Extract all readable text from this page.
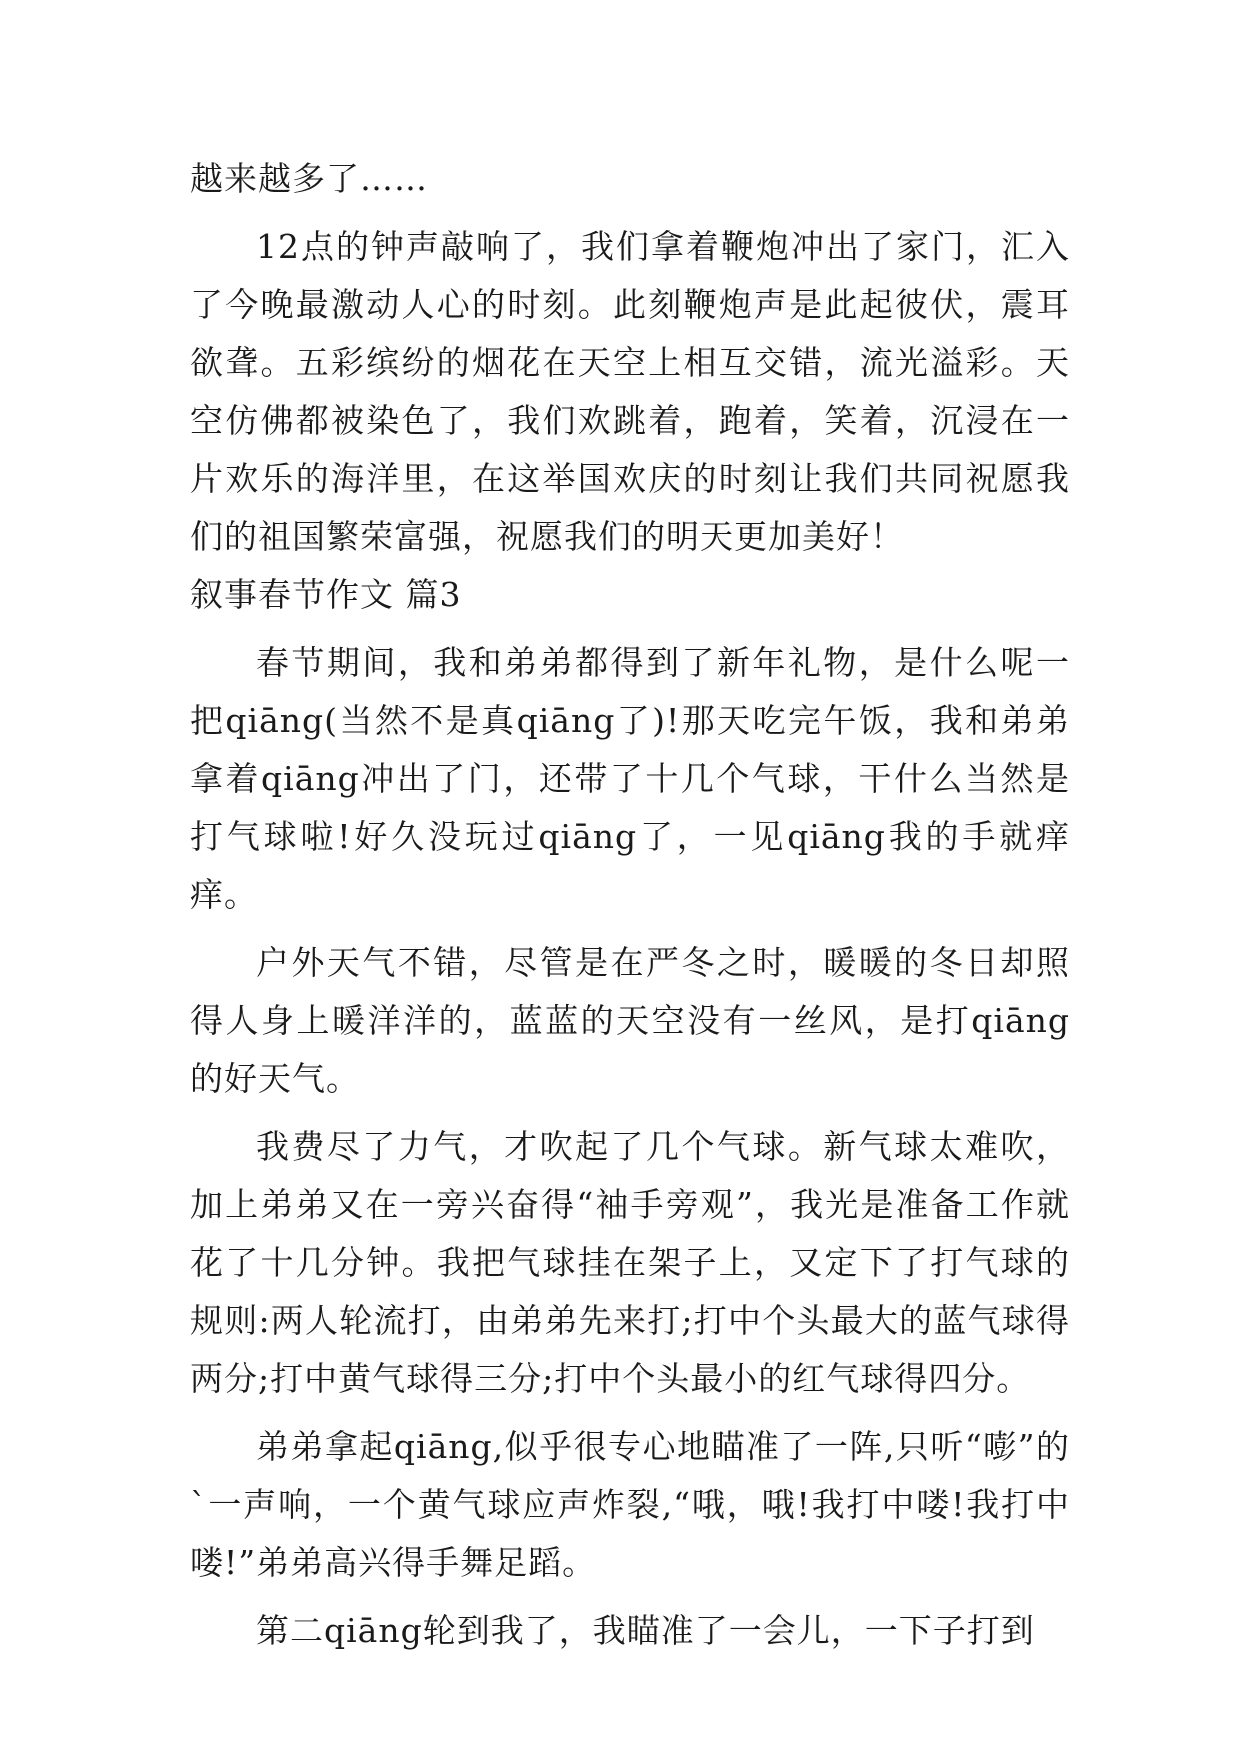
越来越多了……

12点的钟声敲响了，我们拿着鞭炮冲出了家门，汇入了今晚最激动人心的时刻。此刻鞭炮声是此起彼伏，震耳欲聋。五彩缤纷的烟花在天空上相互交错，流光溢彩。天空仿佛都被染色了，我们欢跳着，跑着，笑着，沉浸在一片欢乐的海洋里，在这举国欢庆的时刻让我们共同祝愿我们的祖国繁荣富强，祝愿我们的明天更加美好！

叙事春节作文 篇3

春节期间，我和弟弟都得到了新年礼物，是什么呢一把qiāng(当然不是真qiāng了)!那天吃完午饭，我和弟弟拿着qiāng冲出了门，还带了十几个气球，干什么当然是打气球啦!好久没玩过qiāng了，一见qiāng我的手就痒痒。

户外天气不错，尽管是在严冬之时，暖暖的冬日却照得人身上暖洋洋的，蓝蓝的天空没有一丝风，是打qiāng的好天气。

我费尽了力气，才吹起了几个气球。新气球太难吹，加上弟弟又在一旁兴奋得“袖手旁观”，我光是准备工作就花了十几分钟。我把气球挂在架子上，又定下了打气球的规则:两人轮流打，由弟弟先来打;打中个头最大的蓝气球得两分;打中黄气球得三分;打中个头最小的红气球得四分。

弟弟拿起qiāng,似乎很专心地瞄准了一阵,只听“嘭”的`一声响，一个黄气球应声炸裂,“哦，哦!我打中喽!我打中喽!”弟弟高兴得手舞足蹈。

第二qiāng轮到我了，我瞄准了一会儿，一下子打到
